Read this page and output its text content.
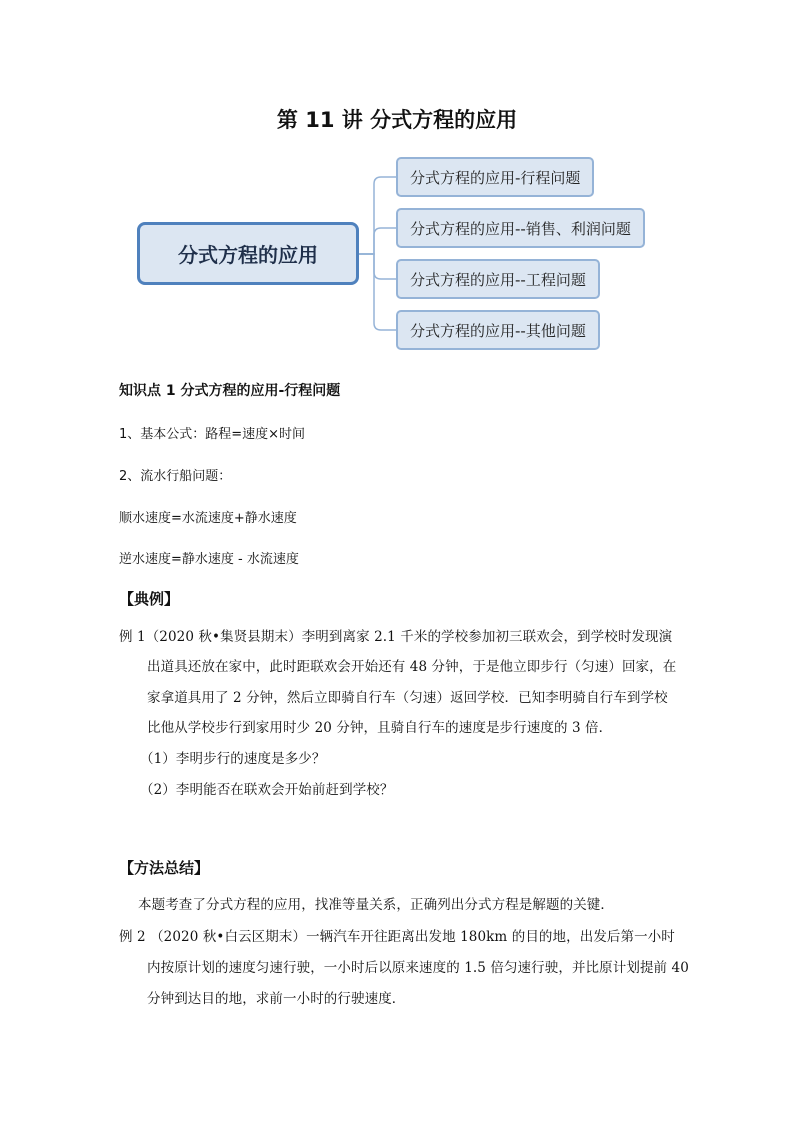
第 11 讲 分式方程的应用
分式方程的应用
分式方程的应用-行程问题
分式方程的应用--销售、利润问题
分式方程的应用--工程问题
分式方程的应用--其他问题
知识点 1 分式方程的应用-行程问题
1、基本公式：路程=速度×时间
2、流水行船问题：
顺水速度=水流速度+静水速度
逆水速度=静水速度 - 水流速度
【典例】
例 1（2020 秋•集贤县期末）李明到离家 2.1 千米的学校参加初三联欢会，到学校时发现演
出道具还放在家中，此时距联欢会开始还有 48 分钟，于是他立即步行（匀速）回家，在
家拿道具用了 2 分钟，然后立即骑自行车（匀速）返回学校．已知李明骑自行车到学校
比他从学校步行到家用时少 20 分钟，且骑自行车的速度是步行速度的 3 倍．
（1）李明步行的速度是多少？
（2）李明能否在联欢会开始前赶到学校？
【方法总结】
本题考查了分式方程的应用，找准等量关系，正确列出分式方程是解题的关键．
例 2 （2020 秋•白云区期末）一辆汽车开往距离出发地 180km 的目的地，出发后第一小时
内按原计划的速度匀速行驶，一小时后以原来速度的 1.5 倍匀速行驶，并比原计划提前 40
分钟到达目的地，求前一小时的行驶速度．
